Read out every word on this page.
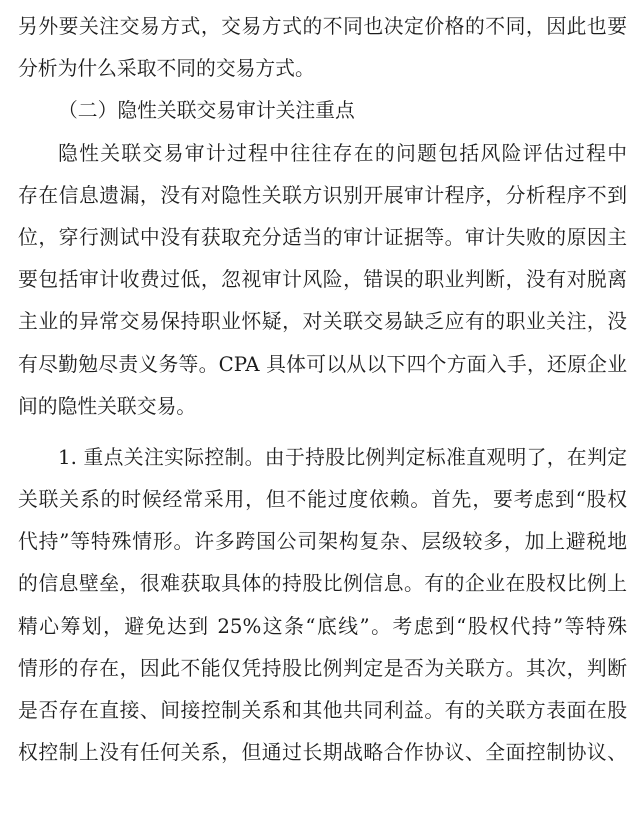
另外要关注交易方式，交易方式的不同也决定价格的不同，因此也要
分析为什么采取不同的交易方式。
（二）隐性关联交易审计关注重点
隐性关联交易审计过程中往往存在的问题包括风险评估过程中
存在信息遗漏，没有对隐性关联方识别开展审计程序，分析程序不到
位，穿行测试中没有获取充分适当的审计证据等。审计失败的原因主
要包括审计收费过低，忽视审计风险，错误的职业判断，没有对脱离
主业的异常交易保持职业怀疑，对关联交易缺乏应有的职业关注，没
有尽勤勉尽责义务等。CPA 具体可以从以下四个方面入手，还原企业
间的隐性关联交易。
1. 重点关注实际控制。由于持股比例判定标准直观明了，在判定
关联关系的时候经常采用，但不能过度依赖。首先，要考虑到“股权
代持”等特殊情形。许多跨国公司架构复杂、层级较多，加上避税地
的信息壁垒，很难获取具体的持股比例信息。有的企业在股权比例上
精心筹划，避免达到 25%这条“底线”。考虑到“股权代持”等特殊
情形的存在，因此不能仅凭持股比例判定是否为关联方。其次，判断
是否存在直接、间接控制关系和其他共同利益。有的关联方表面在股
权控制上没有任何关系，但通过长期战略合作协议、全面控制协议、
